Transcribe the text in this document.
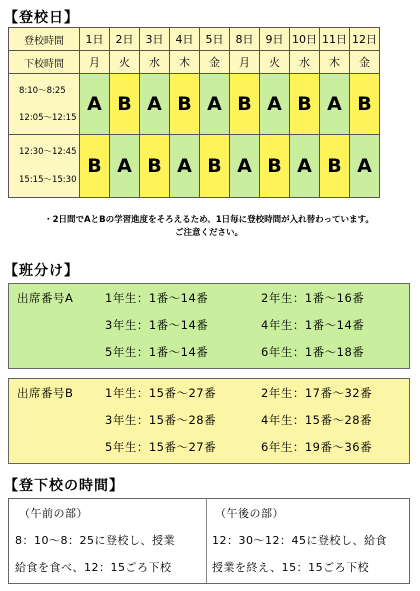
【登校日】
登校時間	1日	2日	3日	4日	5日	8日	9日	10日	11日	12日
下校時間	月	火	水	木	金	月	火	水	木	金

8:10〜8:25
12:05〜12:15	A	B	A	B	A	B	A	B	A	B

12:30〜12:45
15:15〜15:30	B	A	B	A	B	A	B	A	B	A
・2日間でAとBの学習進度をそろえるため、1日毎に登校時間が入れ替わっています。
ご注意ください。
【班分け】
出席番号A	1年生：1番〜14番	2年生：1番〜16番
3年生：1番〜14番	4年生：1番〜14番
5年生：1番〜14番	6年生：1番〜18番
出席番号B	1年生：15番〜27番	2年生：17番〜32番
3年生：15番〜28番	4年生：15番〜28番
5年生：15番〜27番	6年生：19番〜36番
【登下校の時間】
（午前の部）
8：10〜8：25に登校し、授業
給食を食べ、12：15ごろ下校
（午後の部）
12：30〜12：45に登校し、給食
授業を終え、15：15ごろ下校
